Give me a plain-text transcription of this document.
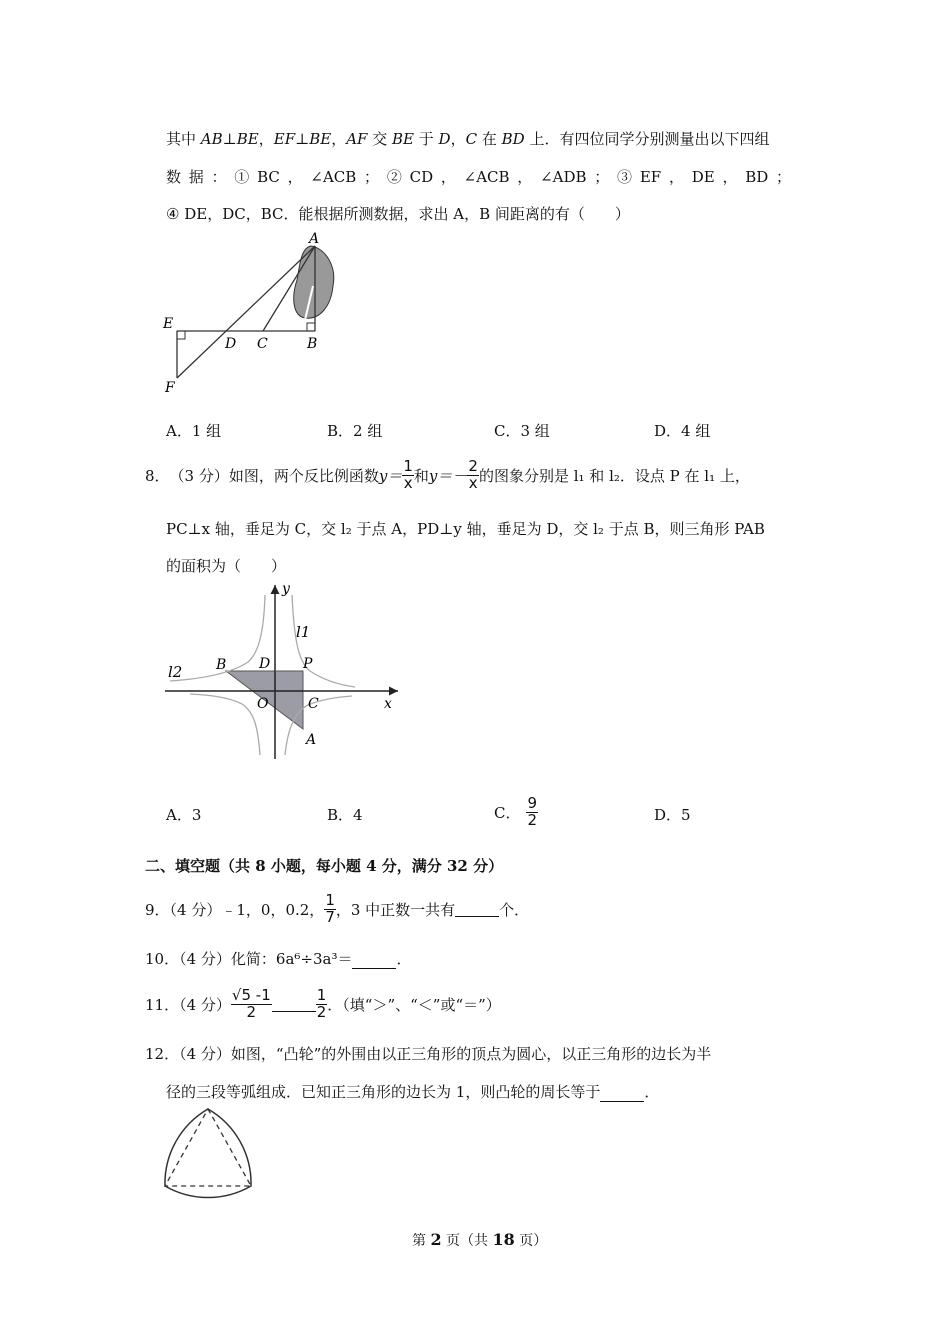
其中 AB⊥BE，EF⊥BE，AF 交 BE 于 D，C 在 BD 上．有四位同学分别测量出以下四组
数 据 ： ① BC ， ∠ACB ； ② CD ， ∠ACB ， ∠ADB ； ③ EF ， DE ， BD ；
④ DE，DC，BC．能根据所测数据，求出 A，B 间距离的有（　　）
A
E
D C	B
F
A．1 组	B．2 组	C．3 组	D．4 组
8． （3 分）如图，两个反比例函数 $y= \frac{1}{x}$ 和 $y=- \frac{2}{x}$ 的图象分别是 l₁ 和 l₂．设点 P 在 l₁ 上，
PC⊥x 轴，垂足为 C，交 l₂ 于点 A，PD⊥y 轴，垂足为 D，交 l₂ 于点 B，则三角形 PAB
的面积为（　　）
y
l1
B D P
l2
O	C	x
A
A．3	B．4	C． $\frac{9}{2}$	D．5
二、填空题（共 8 小题，每小题 4 分，满分 32 分）
9．（4 分）﹣1，0，0.2， $\frac{1}{7}$ ，3 中正数一共有	个．
10．（4 分）化简：6a⁶÷3a³＝	．
11．（4 分） $\frac{√5 -1}{2}$	$\frac{1}{2}$ ．（填“＞”、“＜”或“＝”）
12．（4 分）如图，“凸轮”的外围由以正三角形的顶点为圆心，以正三角形的边长为半
径的三段等弧组成．已知正三角形的边长为 1，则凸轮的周长等于	．
第 2 页（共 18 页）
